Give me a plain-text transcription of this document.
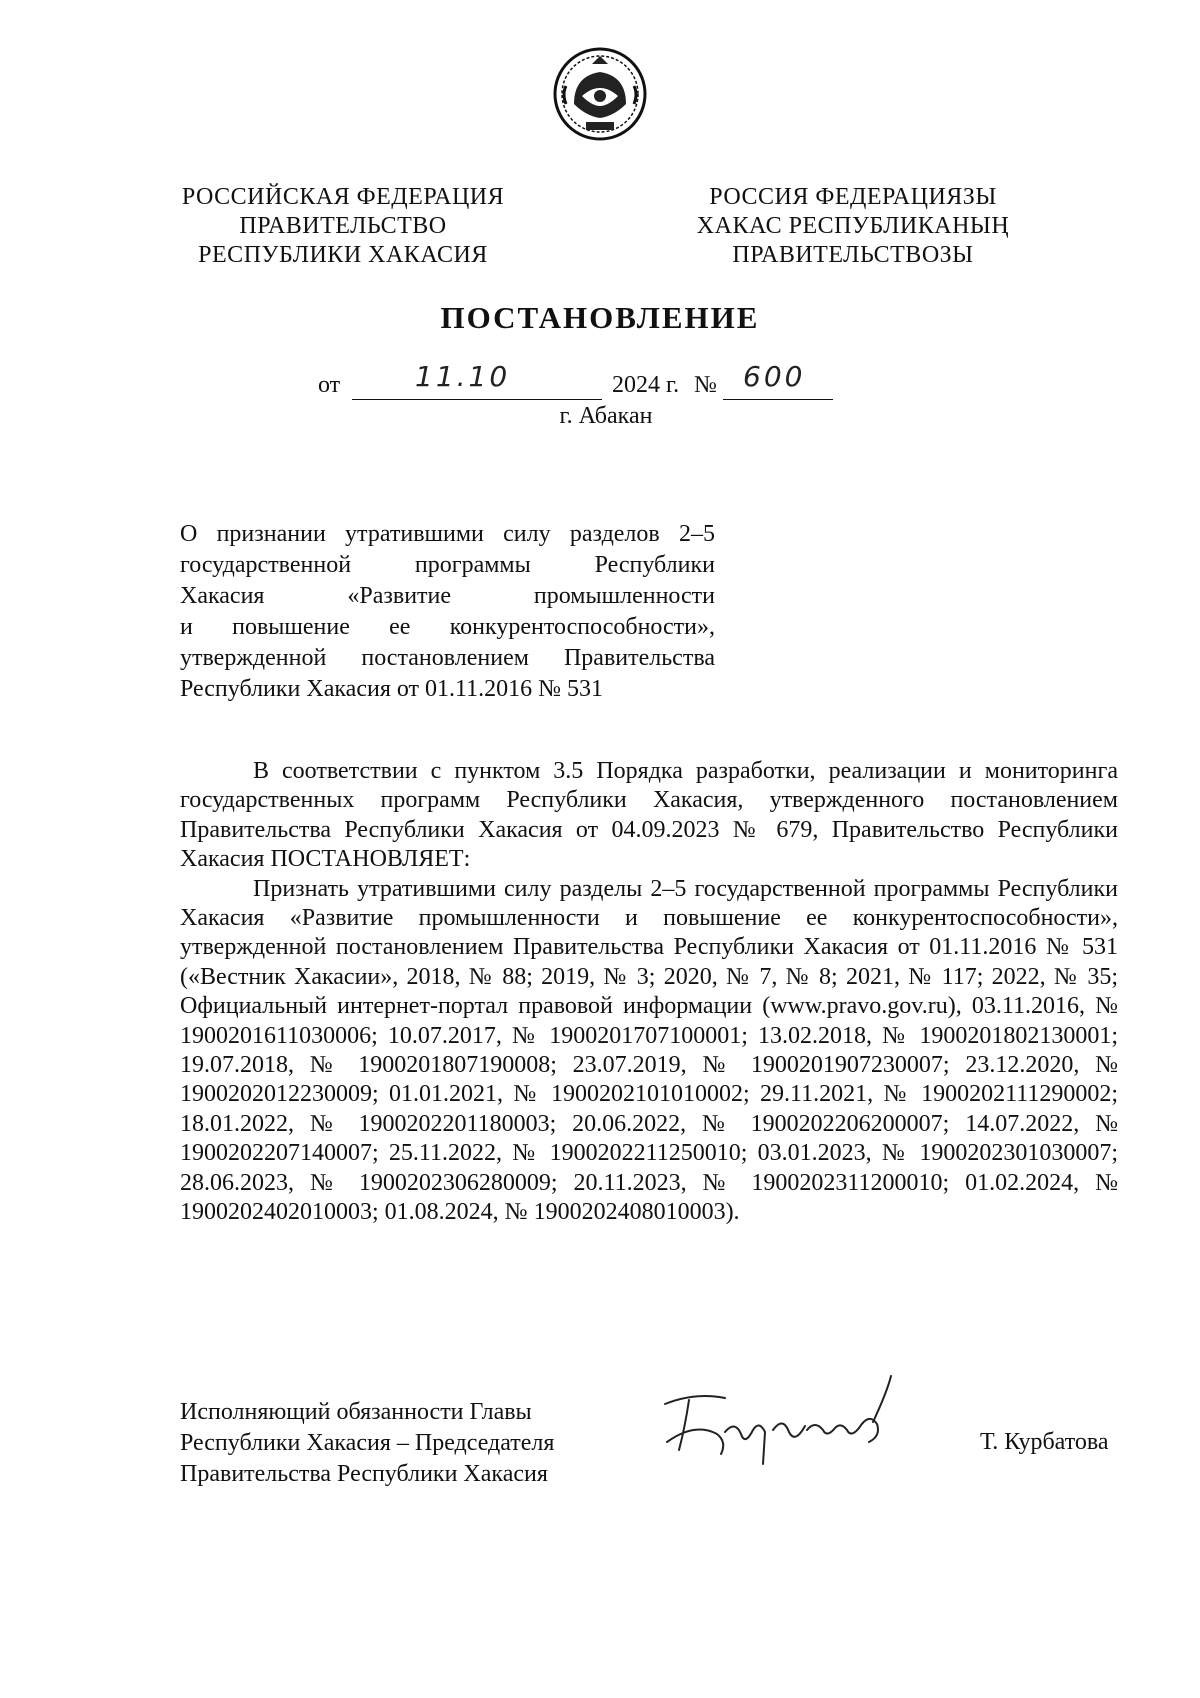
РОССИЙСКАЯ ФЕДЕРАЦИЯ
ПРАВИТЕЛЬСТВО
РЕСПУБЛИКИ ХАКАСИЯ
РОССИЯ ФЕДЕРАЦИЯЗЫ
ХАКАС РЕСПУБЛИКАНЫҢ
ПРАВИТЕЛЬСТВОЗЫ
ПОСТАНОВЛЕНИЕ
от	11.10	2024 г. № 600
г. Абакан
О признании утратившими силу разделов 2–5
государственной программы Республики
Хакасия «Развитие промышленности
и повышение ее конкурентоспособности»,
утвержденной постановлением Правительства
Республики Хакасия от 01.11.2016 № 531

В соответствии с пунктом 3.5 Порядка разработки, реализации и мониторинга государственных программ Республики Хакасия, утвержденного постановлением Правительства Республики Хакасия от 04.09.2023 № 679, Правительство Республики Хакасия ПОСТАНОВЛЯЕТ:

Признать утратившими силу разделы 2–5 государственной программы Республики Хакасия «Развитие промышленности и повышение ее конкурентоспособности», утвержденной постановлением Правительства Республики Хакасия от 01.11.2016 № 531 («Вестник Хакасии», 2018, № 88; 2019, № 3; 2020, № 7, № 8; 2021, № 117; 2022, № 35; Официальный интернет-портал правовой информации (www.pravo.gov.ru), 03.11.2016, № 1900201611030006; 10.07.2017, № 1900201707100001; 13.02.2018, № 1900201802130001; 19.07.2018, № 1900201807190008; 23.07.2019, № 1900201907230007; 23.12.2020, № 1900202012230009; 01.01.2021, № 1900202101010002; 29.11.2021, № 1900202111290002; 18.01.2022, № 1900202201180003; 20.06.2022, № 1900202206200007; 14.07.2022, № 1900202207140007; 25.11.2022, № 1900202211250010; 03.01.2023, № 1900202301030007; 28.06.2023, № 1900202306280009; 20.11.2023, № 1900202311200010; 01.02.2024, № 1900202402010003; 01.08.2024, № 1900202408010003).

Исполняющий обязанности Главы
Республики Хакасия – Председателя
Правительства Республики Хакасия
Т. Курбатова
